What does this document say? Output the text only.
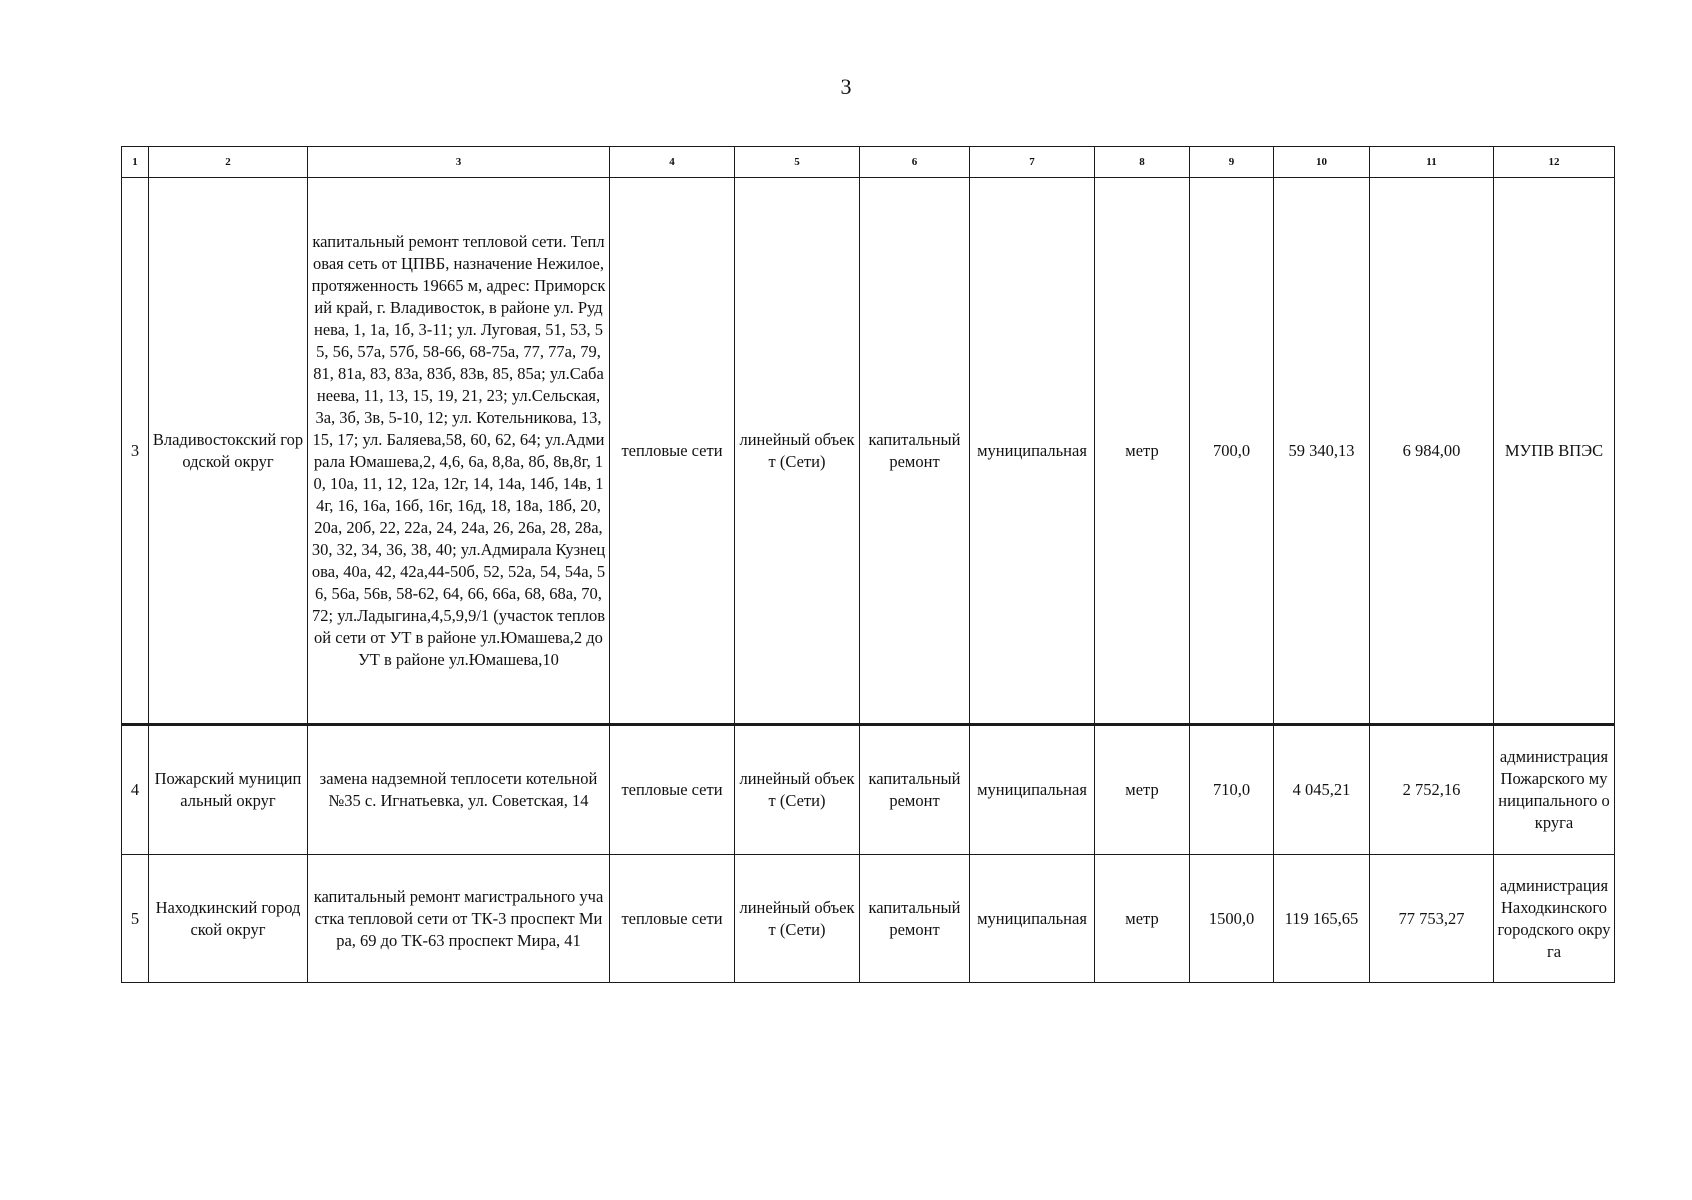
3
1	2	3	4	5	6	7	8	9	10	11	12
3	Владивостокский городской округ	капитальный ремонт тепловой сети. Тепловая сеть от ЦПВБ, назначение Нежилое, протяженность 19665 м, адрес: Приморский край, г. Владивосток, в районе ул. Руднева, 1, 1а, 1б, 3-11; ул. Луговая, 51, 53, 55, 56, 57а, 57б, 58-66, 68-75а, 77, 77а, 79, 81, 81а, 83, 83а, 83б, 83в, 85, 85а; ул.Сабанеева, 11, 13, 15, 19, 21, 23; ул.Сельская, 3а, 3б, 3в, 5-10, 12; ул. Котельникова, 13, 15, 17; ул. Баляева,58, 60, 62, 64; ул.Адмирала Юмашева,2, 4,6, 6а, 8,8а, 8б, 8в,8г, 10, 10а, 11, 12, 12а, 12г, 14, 14а, 14б, 14в, 14г, 16, 16а, 16б, 16г, 16д, 18, 18а, 18б, 20, 20а, 20б, 22, 22а, 24, 24а, 26, 26а, 28, 28а, 30, 32, 34, 36, 38, 40; ул.Адмирала Кузнецова, 40а, 42, 42а,44-50б, 52, 52а, 54, 54а, 56, 56а, 56в, 58-62, 64, 66, 66а, 68, 68а, 70, 72; ул.Ладыгина,4,5,9,9/1 (участок тепловой сети от УТ в районе ул.Юмашева,2 до УТ в районе ул.Юмашева,10	тепловые сети	линейный объект (Сети)	капитальный ремонт	муниципальная	метр	700,0	59 340,13	6 984,00	МУПВ ВПЭС
4	Пожарский муниципальный округ	замена надземной теплосети котельной №35 с. Игнатьевка, ул. Советская, 14	тепловые сети	линейный объект (Сети)	капитальный ремонт	муниципальная	метр	710,0	4 045,21	2 752,16	администрация Пожарского муниципального округа
5	Находкинский городской округ	капитальный ремонт магистрального участка тепловой сети от ТК-3 проспект Мира, 69 до ТК-63 проспект Мира, 41	тепловые сети	линейный объект (Сети)	капитальный ремонт	муниципальная	метр	1500,0	119 165,65	77 753,27	администрация Находкинского городского округа
